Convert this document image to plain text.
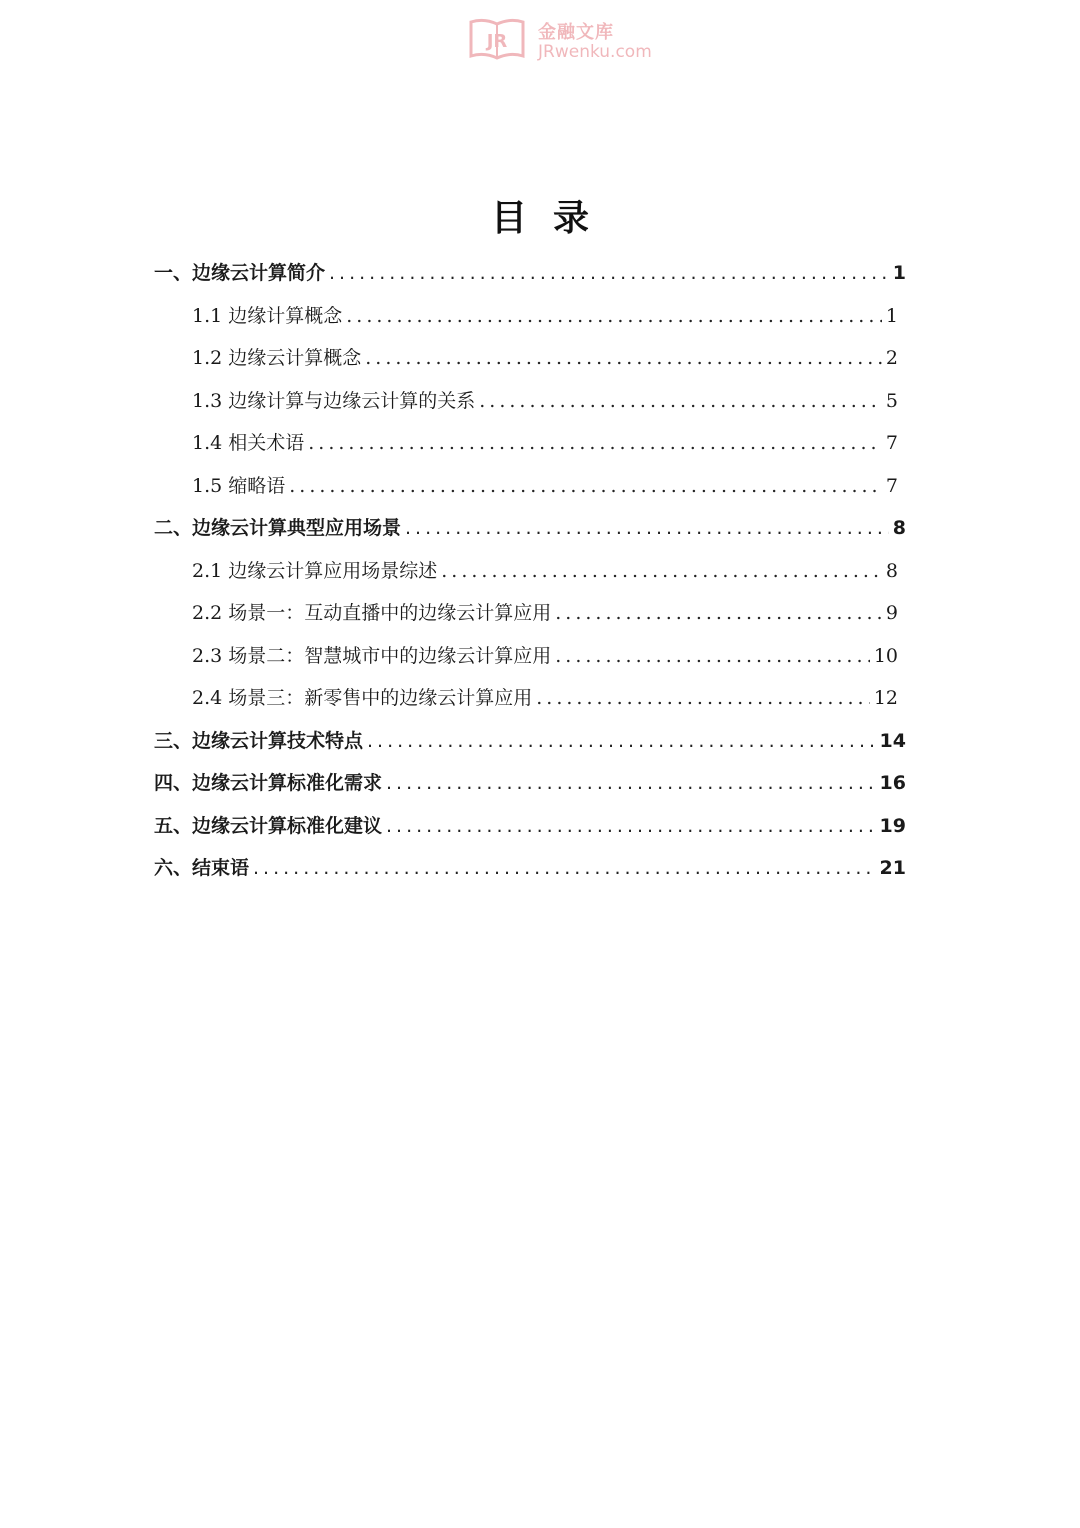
JR 金融文库
JRwenku.com
目录
一、边缘云计算简介 .....	1
1.1 边缘计算概念 .....	1
1.2 边缘云计算概念 .....	2
1.3 边缘计算与边缘云计算的关系 .....	5
1.4 相关术语 .....	7
1.5 缩略语 .....	7
二、边缘云计算典型应用场景 .....	8
2.1 边缘云计算应用场景综述 .....	8
2.2 场景一：互动直播中的边缘云计算应用 .....	9
2.3 场景二：智慧城市中的边缘云计算应用 .....	10
2.4 场景三：新零售中的边缘云计算应用 .....	12
三、边缘云计算技术特点 .....	14
四、边缘云计算标准化需求 .....	16
五、边缘云计算标准化建议 .....	19
六、结束语 .....	21
